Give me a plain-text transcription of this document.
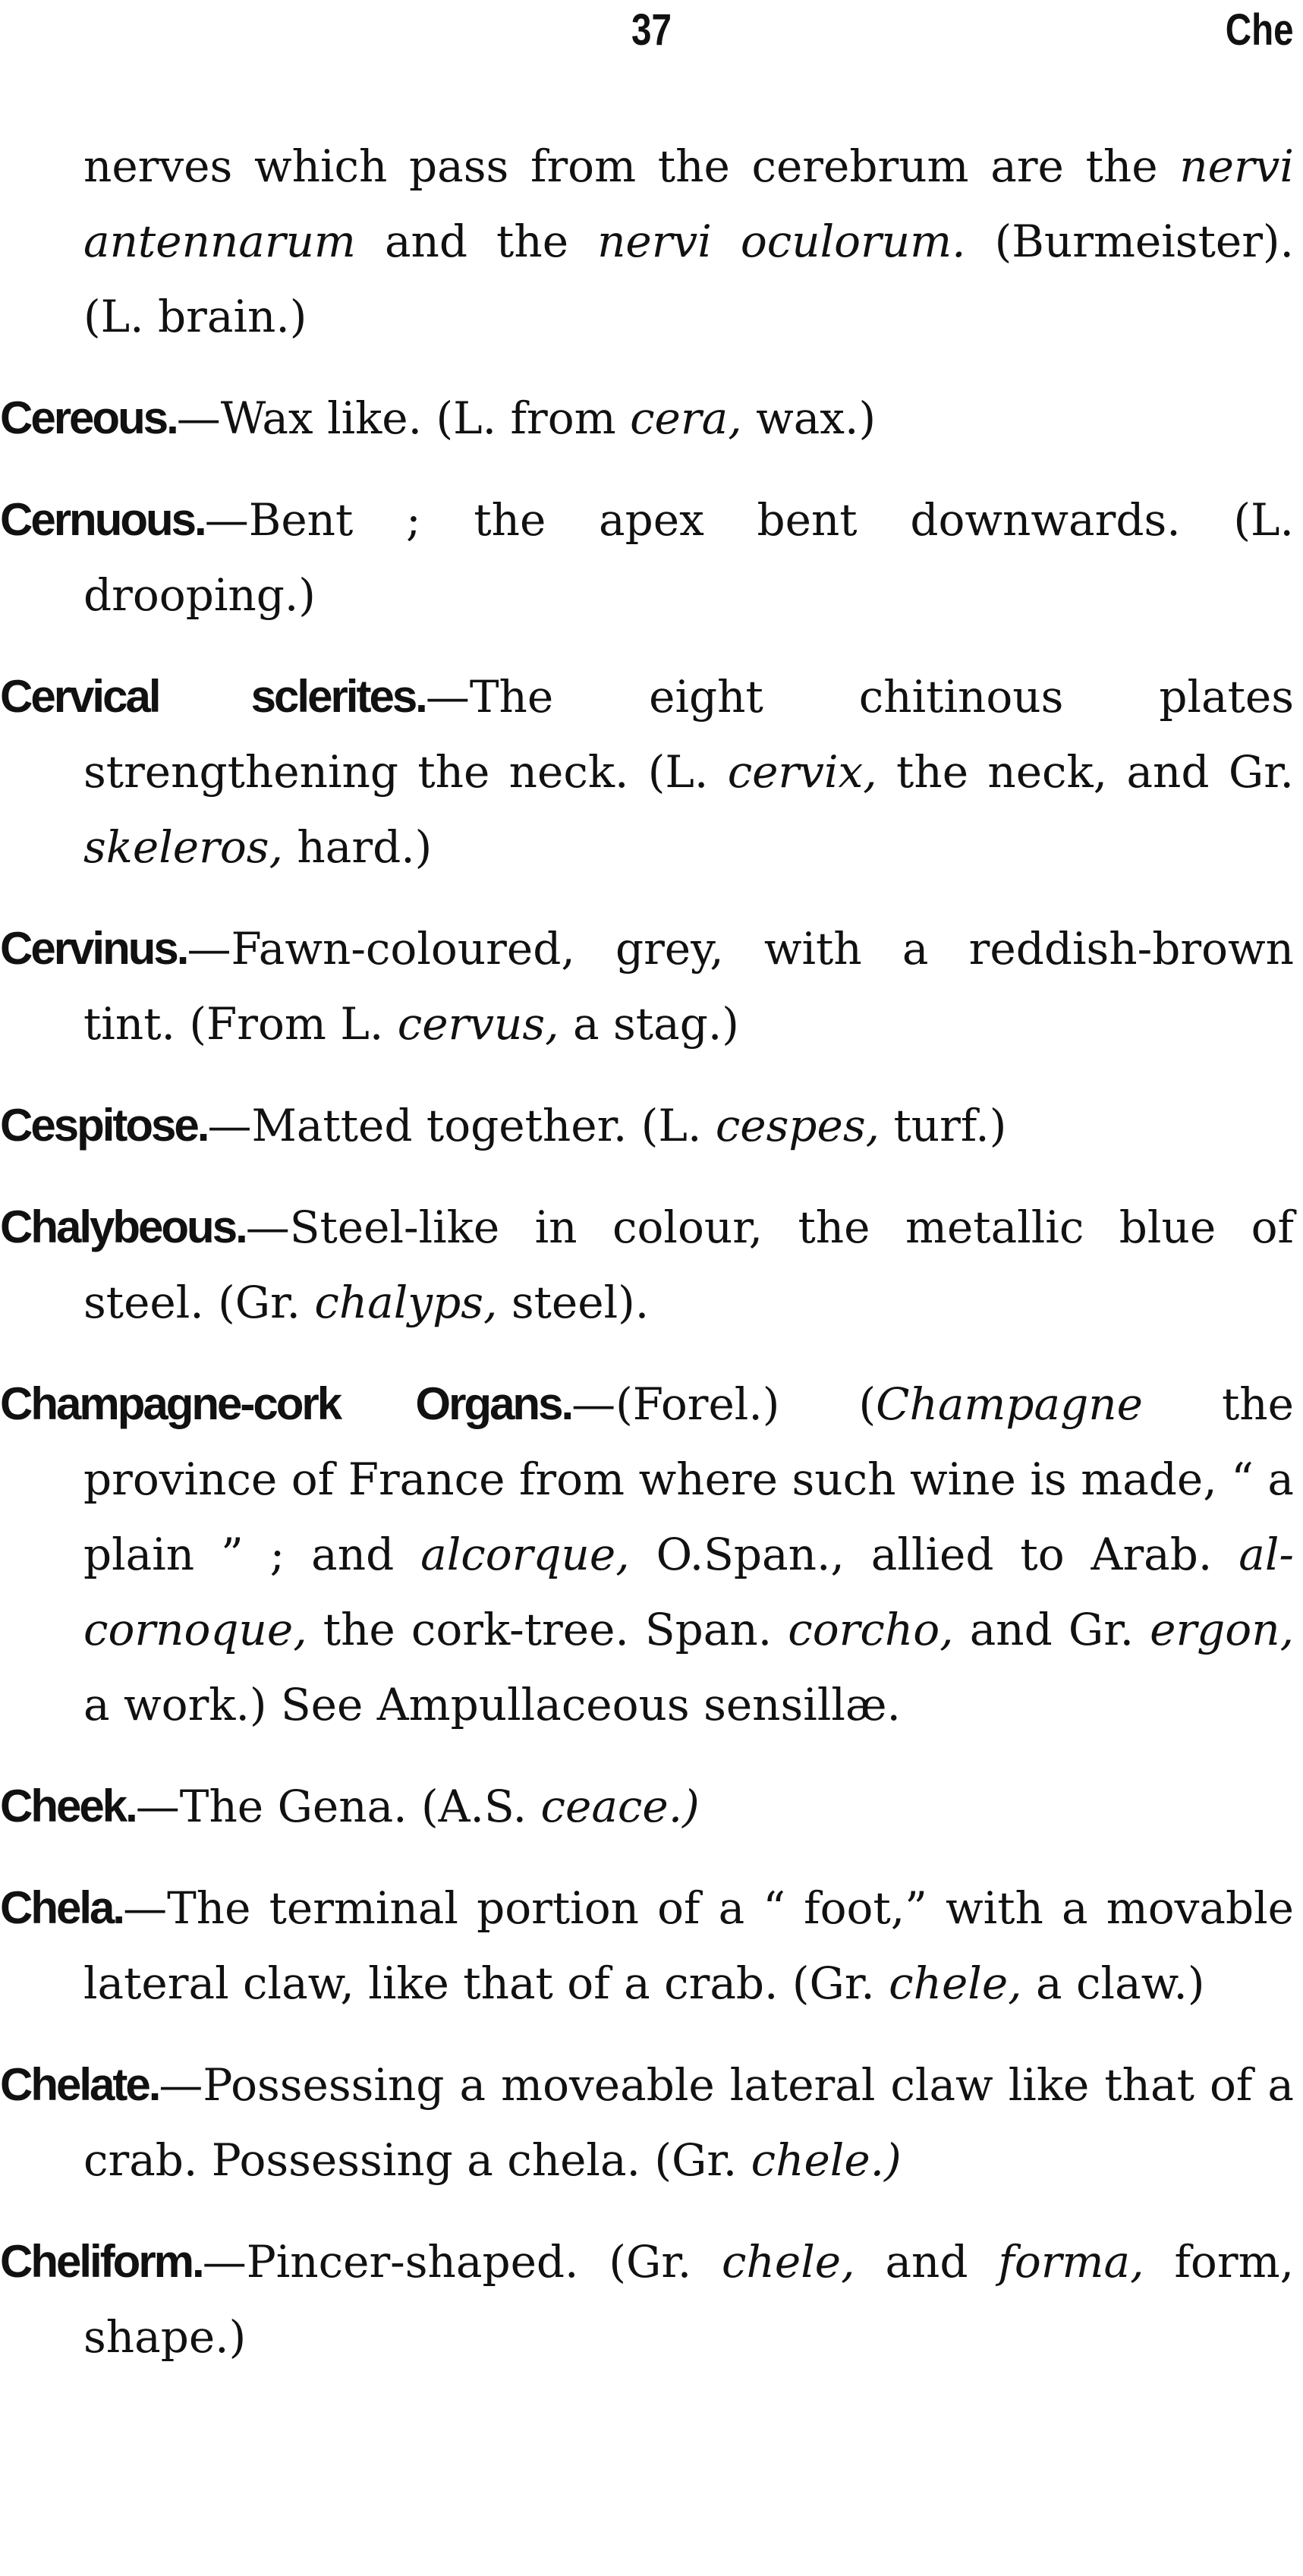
37	Che

nerves which pass from the cerebrum are the nervi antennarum and the nervi oculorum. (Burmeister). (L. brain.)

Cereous.—Wax like. (L. from cera, wax.)

Cernuous.—Bent ; the apex bent downwards. (L. drooping.)

Cervical sclerites.—The eight chitinous plates strengthening the neck. (L. cervix, the neck, and Gr. skeleros, hard.)

Cervinus.—Fawn-coloured, grey, with a reddish-brown tint. (From L. cervus, a stag.)

Cespitose.—Matted together. (L. cespes, turf.)

Chalybeous.—Steel-like in colour, the metallic blue of steel. (Gr. chalyps, steel).

Champagne-cork Organs.—(Forel.) (Champagne the province of France from where such wine is made, “ a plain ” ; and alcorque, O.Span., allied to Arab. al-cornoque, the cork-tree. Span. corcho, and Gr. ergon, a work.) See Ampullaceous sensillæ.

Cheek.—The Gena. (A.S. ceace.)

Chela.—The terminal portion of a “ foot,” with a movable lateral claw, like that of a crab. (Gr. chele, a claw.)

Chelate.—Possessing a moveable lateral claw like that of a crab. Possessing a chela. (Gr. chele.)

Cheliform.—Pincer-shaped. (Gr. chele, and forma, form, shape.)
